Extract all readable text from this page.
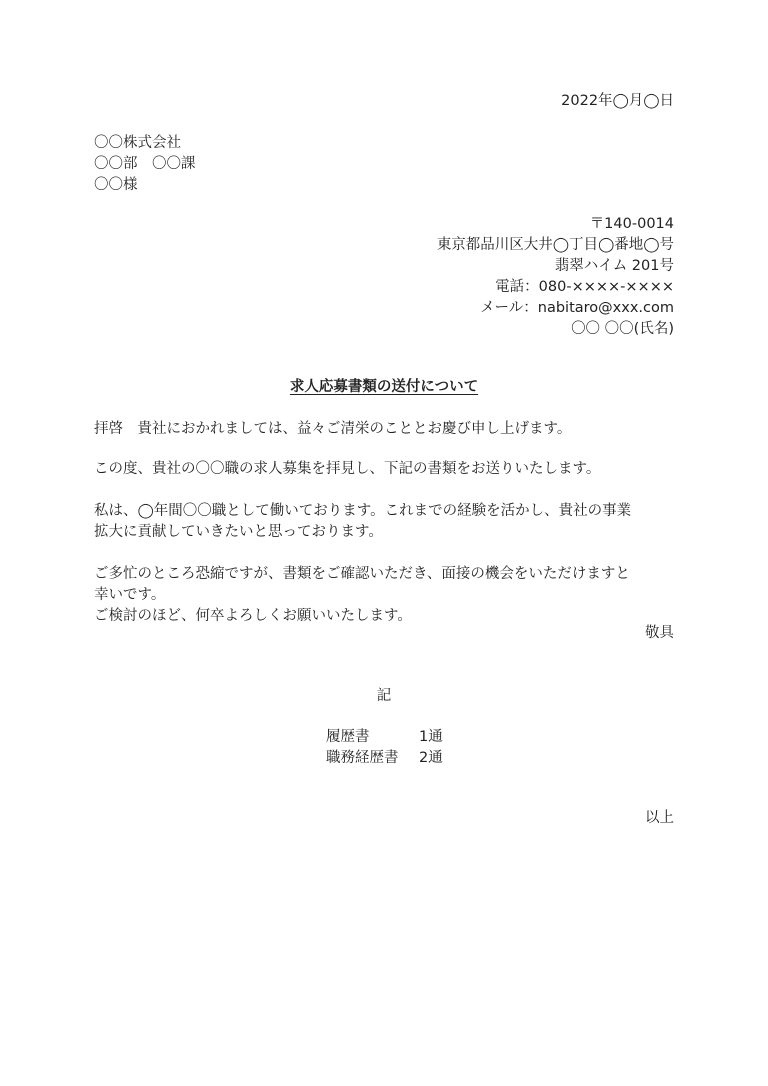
2022年◯月◯日
〇〇株式会社
〇〇部　〇〇課
〇〇様
〒140-0014
東京都品川区大井◯丁目◯番地◯号
翡翠ハイム 201号
電話：080-××××-××××
メール：nabitaro@xxx.com
〇〇 〇〇(氏名)
求人応募書類の送付について
拝啓　貴社におかれましては、益々ご清栄のこととお慶び申し上げます。
この度、貴社の〇〇職の求人募集を拝見し、下記の書類をお送りいたします。
私は、◯年間〇〇職として働いております。これまでの経験を活かし、貴社の事業
拡大に貢献していきたいと思っております。
ご多忙のところ恐縮ですが、書類をご確認いただき、面接の機会をいただけますと
幸いです。
ご検討のほど、何卒よろしくお願いいたします。
敬具
記
履歴書	1通
職務経歴書	2通
以上
